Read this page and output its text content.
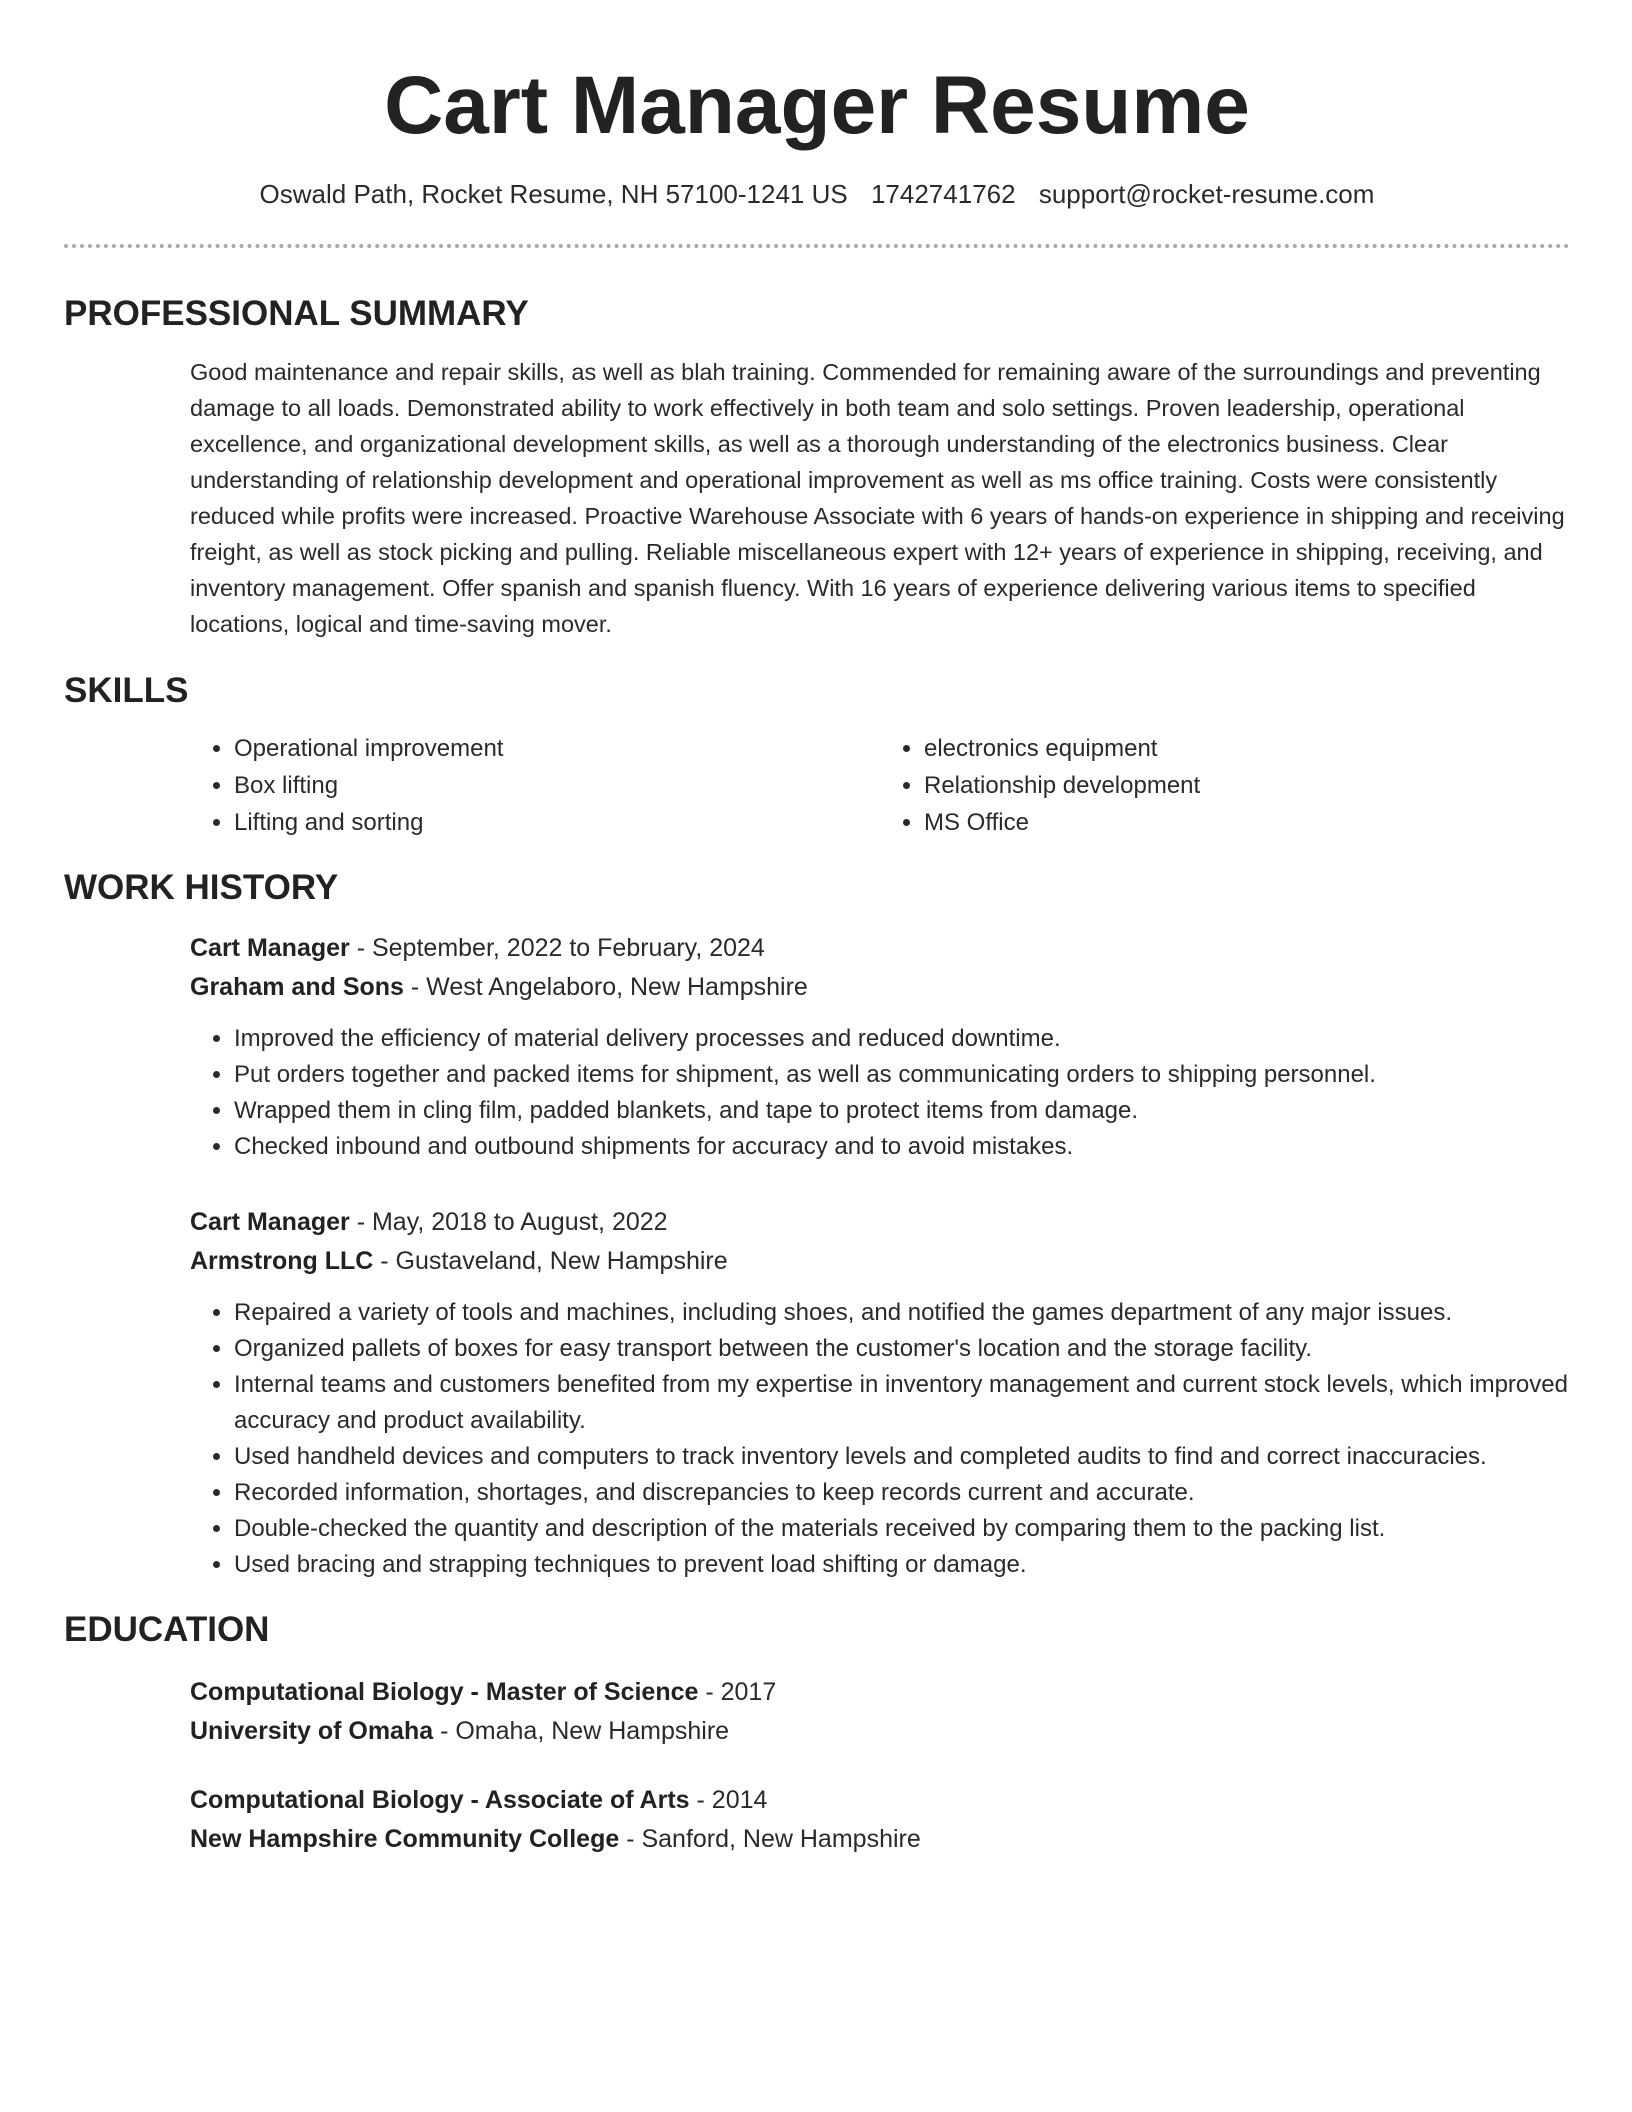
Cart Manager Resume
Oswald Path, Rocket Resume, NH 57100-1241 US 1742741762 support@rocket-resume.com
PROFESSIONAL SUMMARY

Good maintenance and repair skills, as well as blah training. Commended for remaining aware of the surroundings and preventing damage to all loads. Demonstrated ability to work effectively in both team and solo settings. Proven leadership, operational excellence, and organizational development skills, as well as a thorough understanding of the electronics business. Clear understanding of relationship development and operational improvement as well as ms office training. Costs were consistently reduced while profits were increased. Proactive Warehouse Associate with 6 years of hands-on experience in shipping and receiving freight, as well as stock picking and pulling. Reliable miscellaneous expert with 12+ years of experience in shipping, receiving, and inventory management. Offer spanish and spanish fluency. With 16 years of experience delivering various items to specified locations, logical and time-saving mover.

SKILLS
• Operational improvement
• Box lifting
• Lifting and sorting
• electronics equipment
• Relationship development
• MS Office
WORK HISTORY
Cart Manager - September, 2022 to February, 2024
Graham and Sons - West Angelaboro, New Hampshire
• Improved the efficiency of material delivery processes and reduced downtime.
• Put orders together and packed items for shipment, as well as communicating orders to shipping personnel.
• Wrapped them in cling film, padded blankets, and tape to protect items from damage.
• Checked inbound and outbound shipments for accuracy and to avoid mistakes.
Cart Manager - May, 2018 to August, 2022
Armstrong LLC - Gustaveland, New Hampshire
• Repaired a variety of tools and machines, including shoes, and notified the games department of any major issues.
• Organized pallets of boxes for easy transport between the customer's location and the storage facility.
• Internal teams and customers benefited from my expertise in inventory management and current stock levels, which improved accuracy and product availability.
• Used handheld devices and computers to track inventory levels and completed audits to find and correct inaccuracies.
• Recorded information, shortages, and discrepancies to keep records current and accurate.
• Double-checked the quantity and description of the materials received by comparing them to the packing list.
• Used bracing and strapping techniques to prevent load shifting or damage.
EDUCATION
Computational Biology - Master of Science - 2017
University of Omaha - Omaha, New Hampshire
Computational Biology - Associate of Arts - 2014
New Hampshire Community College - Sanford, New Hampshire
